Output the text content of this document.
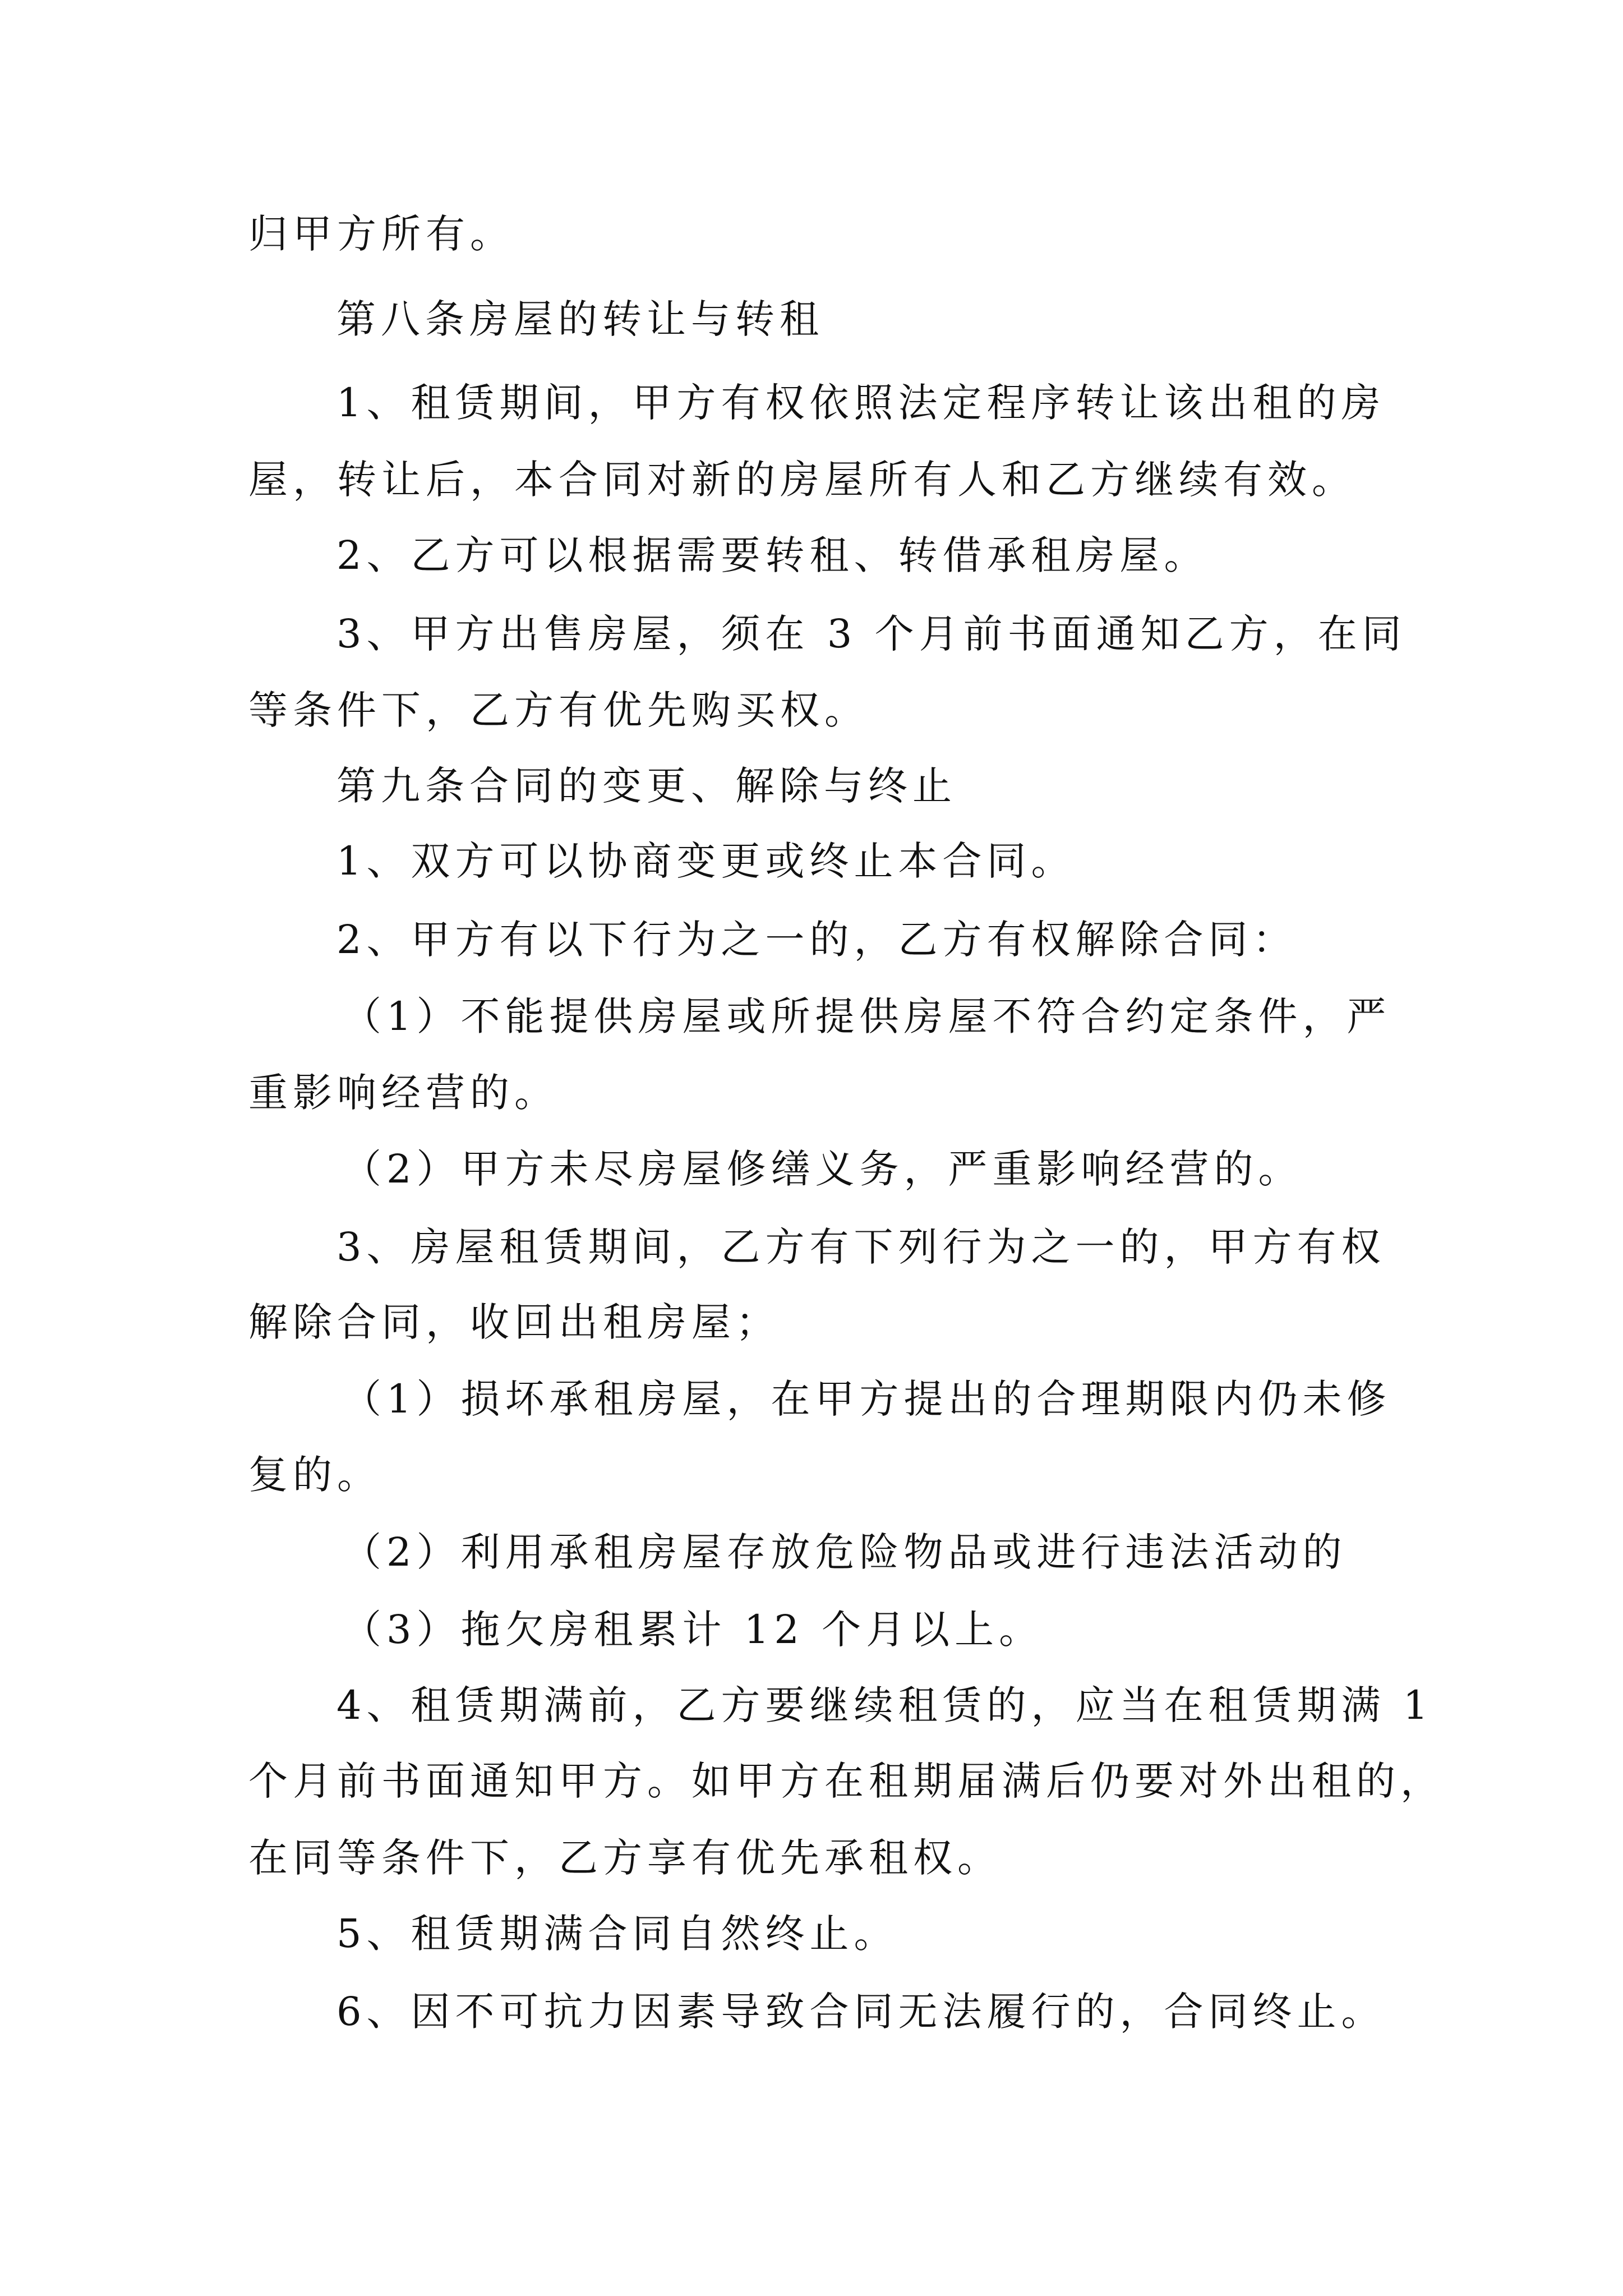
归甲方所有。
第八条房屋的转让与转租
1、租赁期间，甲方有权依照法定程序转让该出租的房
屋，转让后，本合同对新的房屋所有人和乙方继续有效。
2、乙方可以根据需要转租、转借承租房屋。
3、甲方出售房屋，须在 3 个月前书面通知乙方，在同
等条件下，乙方有优先购买权。
第九条合同的变更、解除与终止
1、双方可以协商变更或终止本合同。
2、甲方有以下行为之一的，乙方有权解除合同：
（1）不能提供房屋或所提供房屋不符合约定条件，严
重影响经营的。
（2）甲方未尽房屋修缮义务，严重影响经营的。
3、房屋租赁期间，乙方有下列行为之一的，甲方有权
解除合同，收回出租房屋；
（1）损坏承租房屋，在甲方提出的合理期限内仍未修
复的。
（2）利用承租房屋存放危险物品或进行违法活动的
（3）拖欠房租累计 12 个月以上。
4、租赁期满前，乙方要继续租赁的，应当在租赁期满 1
个月前书面通知甲方。如甲方在租期届满后仍要对外出租的，
在同等条件下，乙方享有优先承租权。
5、租赁期满合同自然终止。
6、因不可抗力因素导致合同无法履行的，合同终止。
